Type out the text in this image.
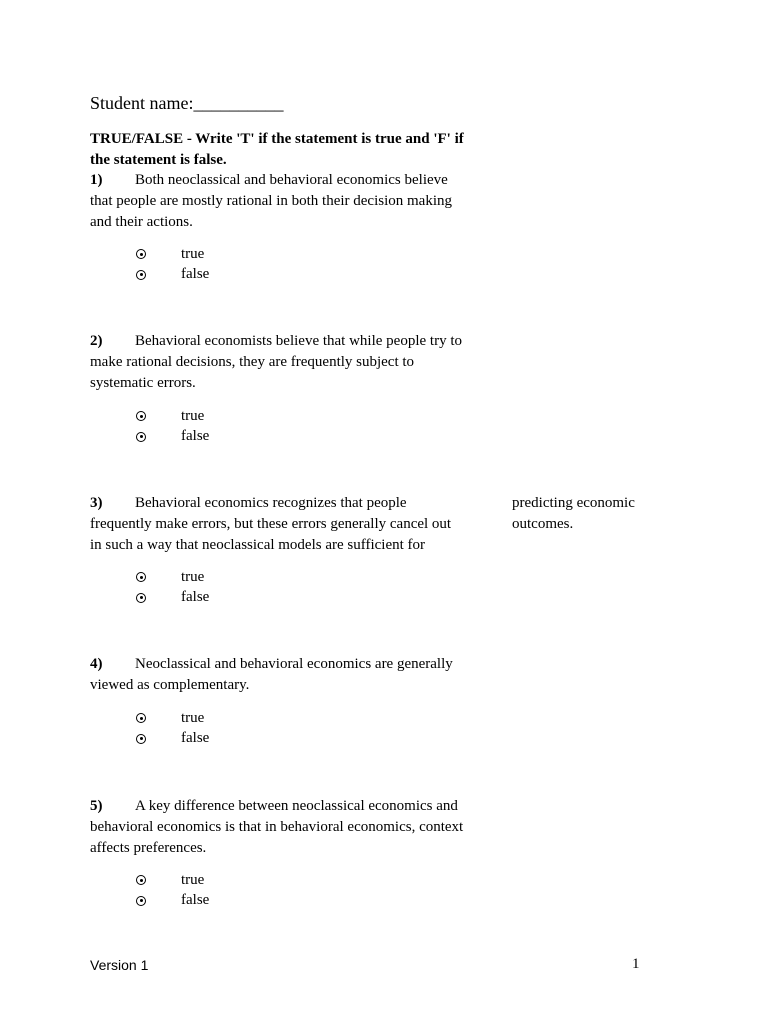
Student name:__________
TRUE/FALSE - Write 'T' if the statement is true and 'F' if the statement is false.
1) Both neoclassical and behavioral economics believe that people are mostly rational in both their decision making and their actions.
true
false
2) Behavioral economists believe that while people try to make rational decisions, they are frequently subject to systematic errors.
true
false
3) Behavioral economics recognizes that people frequently make errors, but these errors generally cancel out in such a way that neoclassical models are sufficient for
predicting economic outcomes.
true
false
4) Neoclassical and behavioral economics are generally viewed as complementary.
true
false
5) A key difference between neoclassical economics and behavioral economics is that in behavioral economics, context affects preferences.
true
false
Version 1	1
